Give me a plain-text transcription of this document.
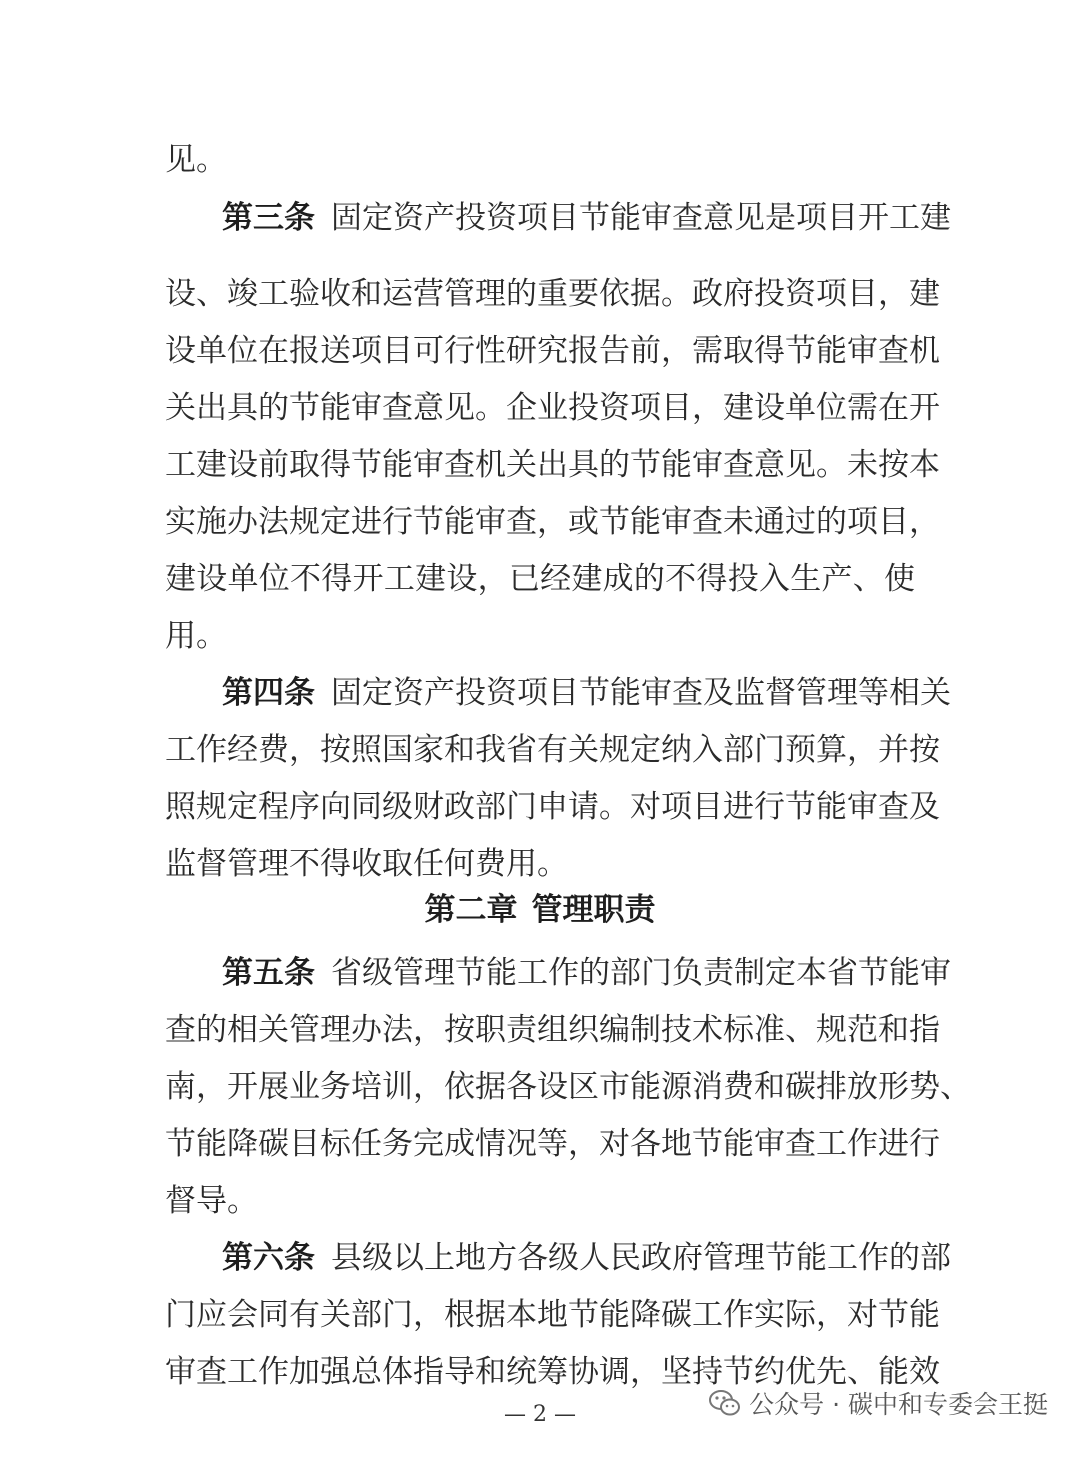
见。
第三条 固定资产投资项目节能审查意见是项目开工建
设、竣工验收和运营管理的重要依据。政府投资项目，建
设单位在报送项目可行性研究报告前，需取得节能审查机
关出具的节能审查意见。企业投资项目，建设单位需在开
工建设前取得节能审查机关出具的节能审查意见。未按本
实施办法规定进行节能审查，或节能审查未通过的项目，
建设单位不得开工建设，已经建成的不得投入生产、使
用。
第四条 固定资产投资项目节能审查及监督管理等相关
工作经费，按照国家和我省有关规定纳入部门预算，并按
照规定程序向同级财政部门申请。对项目进行节能审查及
监督管理不得收取任何费用。
第二章 管理职责
第五条 省级管理节能工作的部门负责制定本省节能审
查的相关管理办法，按职责组织编制技术标准、规范和指
南，开展业务培训，依据各设区市能源消费和碳排放形势、
节能降碳目标任务完成情况等，对各地节能审查工作进行
督导。
第六条 县级以上地方各级人民政府管理节能工作的部
门应会同有关部门，根据本地节能降碳工作实际，对节能
审查工作加强总体指导和统筹协调，坚持节约优先、能效
— 2 —	公众号 · 碳中和专委会王挺
